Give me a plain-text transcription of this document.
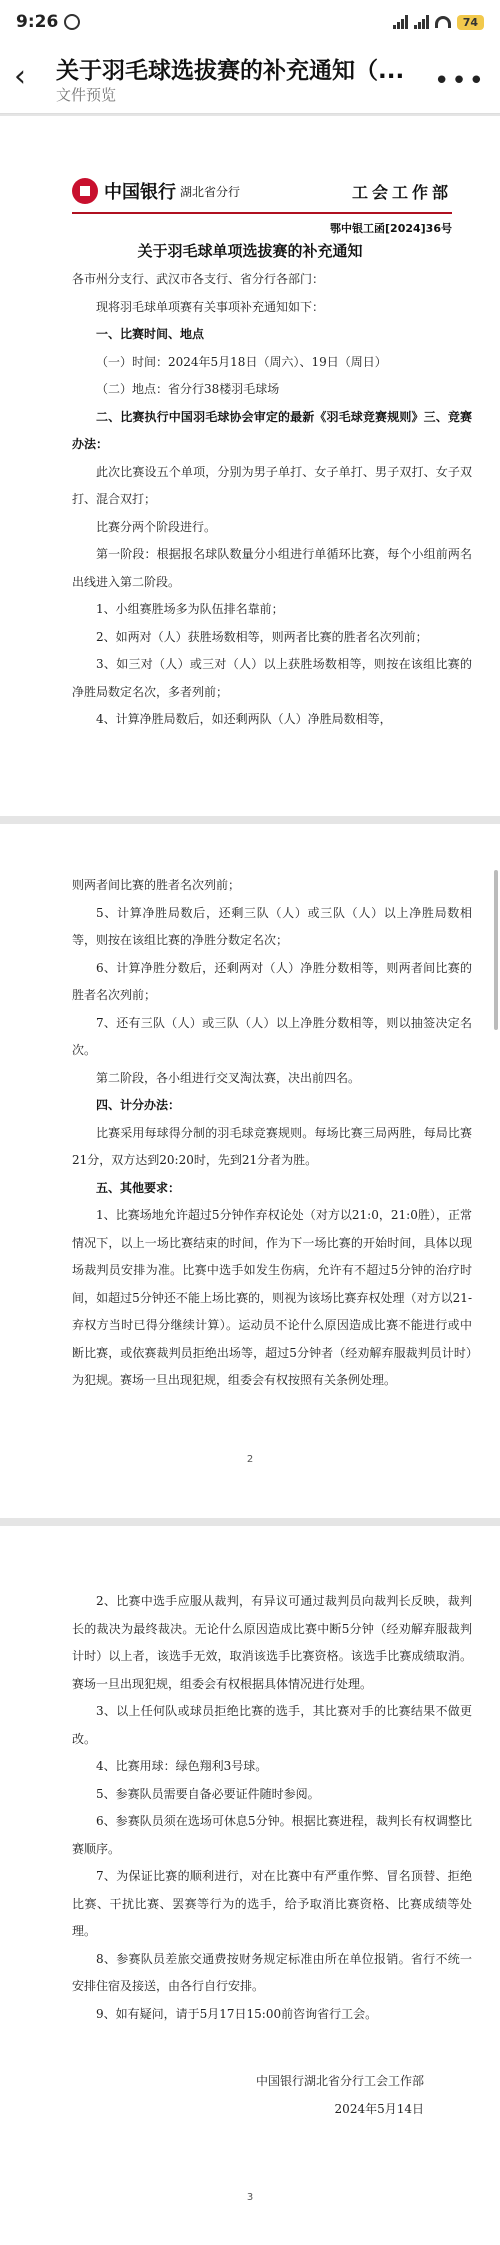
9:26	74
‹	关于羽毛球选拔赛的补充通知（...
文件预览	•••
中国银行 湖北省分行	工会工作部
鄂中银工函[2024]36号
关于羽毛球单项选拔赛的补充通知

各市州分支行、武汉市各支行、省分行各部门：

现将羽毛球单项赛有关事项补充通知如下：

一、比赛时间、地点

（一）时间：2024年5月18日（周六）、19日（周日）

（二）地点：省分行38楼羽毛球场

二、比赛执行中国羽毛球协会审定的最新《羽毛球竞赛规则》三、竞赛办法：

此次比赛设五个单项，分别为男子单打、女子单打、男子双打、女子双打、混合双打；

比赛分两个阶段进行。

第一阶段：根据报名球队数量分小组进行单循环比赛，每个小组前两名出线进入第二阶段。

1、小组赛胜场多为队伍排名靠前；

2、如两对（人）获胜场数相等，则两者比赛的胜者名次列前；

3、如三对（人）或三对（人）以上获胜场数相等，则按在该组比赛的净胜局数定名次，多者列前；

4、计算净胜局数后，如还剩两队（人）净胜局数相等，

则两者间比赛的胜者名次列前；

5、计算净胜局数后，还剩三队（人）或三队（人）以上净胜局数相等，则按在该组比赛的净胜分数定名次；

6、计算净胜分数后，还剩两对（人）净胜分数相等，则两者间比赛的胜者名次列前；

7、还有三队（人）或三队（人）以上净胜分数相等，则以抽签决定名次。

第二阶段，各小组进行交叉淘汰赛，决出前四名。

四、计分办法：

比赛采用每球得分制的羽毛球竞赛规则。每场比赛三局两胜，每局比赛21分，双方达到20:20时，先到21分者为胜。

五、其他要求：

1、比赛场地允许超过5分钟作弃权论处（对方以21:0，21:0胜），正常情况下，以上一场比赛结束的时间，作为下一场比赛的开始时间，具体以现场裁判员安排为准。比赛中选手如发生伤病，允许有不超过5分钟的治疗时间，如超过5分钟还不能上场比赛的，则视为该场比赛弃权处理（对方以21-弃权方当时已得分继续计算）。运动员不论什么原因造成比赛不能进行或中断比赛，或依赛裁判员拒绝出场等，超过5分钟者（经劝解弃服裁判员计时）为犯规。赛场一旦出现犯规，组委会有权按照有关条例处理。

2

2、比赛中选手应服从裁判，有异议可通过裁判员向裁判长反映，裁判长的裁决为最终裁决。无论什么原因造成比赛中断5分钟（经劝解弃服裁判计时）以上者，该选手无效，取消该选手比赛资格。该选手比赛成绩取消。赛场一旦出现犯规，组委会有权根据具体情况进行处理。

3、以上任何队或球员拒绝比赛的选手，其比赛对手的比赛结果不做更改。

4、比赛用球：绿色翔利3号球。

5、参赛队员需要自备必要证件随时参阅。

6、参赛队员须在选场可休息5分钟。根据比赛进程，裁判长有权调整比赛顺序。

7、为保证比赛的顺利进行，对在比赛中有严重作弊、冒名顶替、拒绝比赛、干扰比赛、罢赛等行为的选手，给予取消比赛资格、比赛成绩等处理。

8、参赛队员差旅交通费按财务规定标准由所在单位报销。省行不统一安排住宿及接送，由各行自行安排。

9、如有疑问，请于5月17日15:00前咨询省行工会。

中国银行湖北省分行工会工作部

2024年5月14日

3
